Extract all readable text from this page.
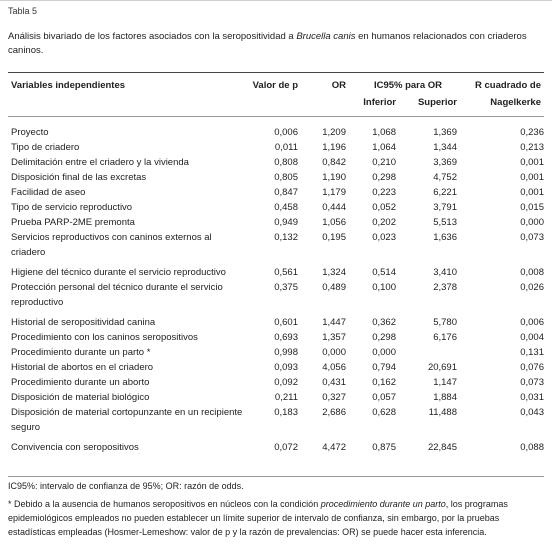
Tabla 5
Análisis bivariado de los factores asociados con la seropositividad a Brucella canis en humanos relacionados con criaderos caninos.
Variables independientes	Valor de p	OR	IC95% para OR
Inferior	Superior
R cuadrado de
Nagelkerke
Proyecto	0,006	1,209	1,068	1,369	0,236
Tipo de criadero	0,011	1,196	1,064	1,344	0,213
Delimitación entre el criadero y la vivienda	0,808	0,842	0,210	3,369	0,001
Disposición final de las excretas	0,805	1,190	0,298	4,752	0,001
Facilidad de aseo	0,847	1,179	0,223	6,221	0,001
Tipo de servicio reproductivo	0,458	0,444	0,052	3,791	0,015
Prueba PARP-2ME premonta	0,949	1,056	0,202	5,513	0,000
Servicios reproductivos con caninos externos al criadero	0,132	0,195	0,023	1,636	0,073
Higiene del técnico durante el servicio reproductivo	0,561	1,324	0,514	3,410	0,008
Protección personal del técnico durante el servicio reproductivo	0,375	0,489	0,100	2,378	0,026
Historial de seropositividad canina	0,601	1,447	0,362	5,780	0,006
Procedimiento con los caninos seropositivos	0,693	1,357	0,298	6,176	0,004
Procedimiento durante un parto *	0,998	0,000	0,000		0,131
Historial de abortos en el criadero	0,093	4,056	0,794	20,691	0,076
Procedimiento durante un aborto	0,092	0,431	0,162	1,147	0,073
Disposición de material biológico	0,211	0,327	0,057	1,884	0,031
Disposición de material cortopunzante en un recipiente seguro	0,183	2,686	0,628	11,488	0,043
Convivencia con seropositivos	0,072	4,472	0,875	22,845	0,088
IC95%: intervalo de confianza de 95%; OR: razón de odds.
* Debido a la ausencia de humanos seropositivos en núcleos con la condición procedimiento durante un parto, los programas epidemiológicos empleados no pueden establecer un límite superior de intervalo de confianza, sin embargo, por la pruebas estadísticas empleadas (Hosmer-Lemeshow: valor de p y la razón de prevalencias: OR) se puede hacer esta inferencia.
